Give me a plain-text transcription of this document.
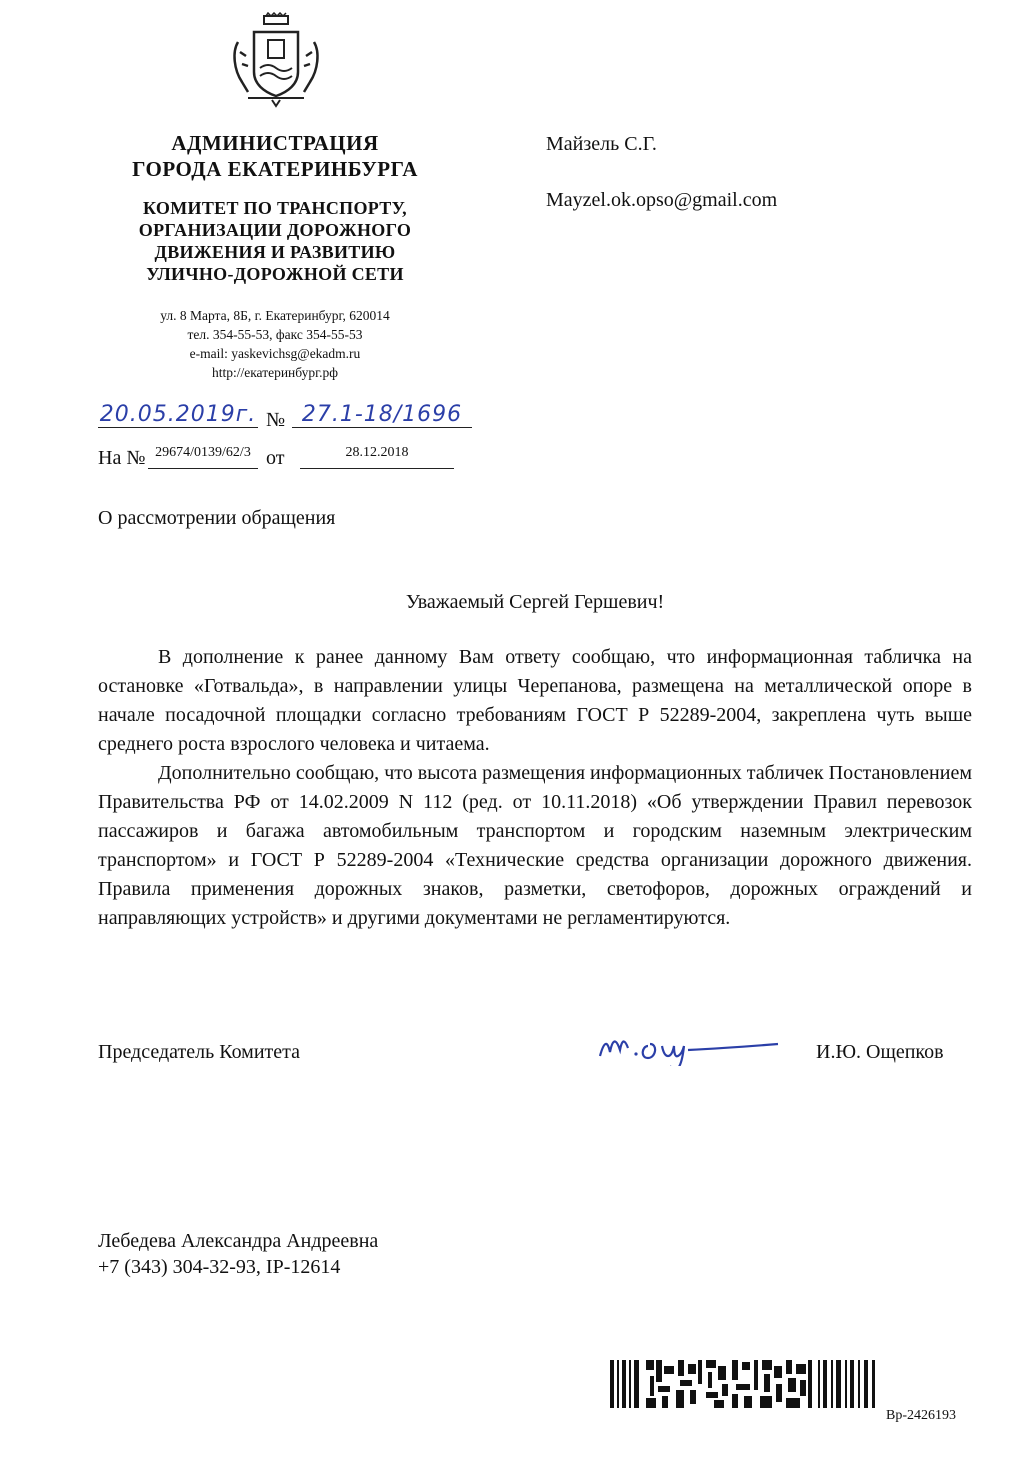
АДМИНИСТРАЦИЯ
ГОРОДА ЕКАТЕРИНБУРГА
КОМИТЕТ ПО ТРАНСПОРТУ,
ОРГАНИЗАЦИИ ДОРОЖНОГО
ДВИЖЕНИЯ И РАЗВИТИЮ
УЛИЧНО-ДОРОЖНОЙ СЕТИ
ул. 8 Марта, 8Б, г. Екатеринбург, 620014
тел. 354-55-53, факс 354-55-53
e-mail: yaskevichsg@ekadm.ru
http://екатеринбург.рф
Майзель С.Г.
Mayzel.ok.opso@gmail.com
20.05.2019г. № 27.1-18/1696
На № 29674/0139/62/3 от	28.12.2018
О рассмотрении обращения
Уважаемый Сергей Гершевич!

В дополнение к ранее данному Вам ответу сообщаю, что информационная табличка на остановке «Готвальда», в направлении улицы Черепанова, размещена на металлической опоре в начале посадочной площадки согласно требованиям ГОСТ Р 52289-2004, закреплена чуть выше среднего роста взрослого человека и читаема.

Дополнительно сообщаю, что высота размещения информационных табличек Постановлением Правительства РФ от 14.02.2009 N 112 (ред. от 10.11.2018) «Об утверждении Правил перевозок пассажиров и багажа автомобильным транспортом и городским наземным электрическим транспортом» и ГОСТ Р 52289-2004 «Технические средства организации дорожного движения. Правила применения дорожных знаков, разметки, светофоров, дорожных ограждений и направляющих устройств» и другими документами не регламентируются.

Председатель Комитета	И.Ю. Ощепков
Лебедева Александра Андреевна
+7 (343) 304-32-93, IP-12614
Вр-2426193
